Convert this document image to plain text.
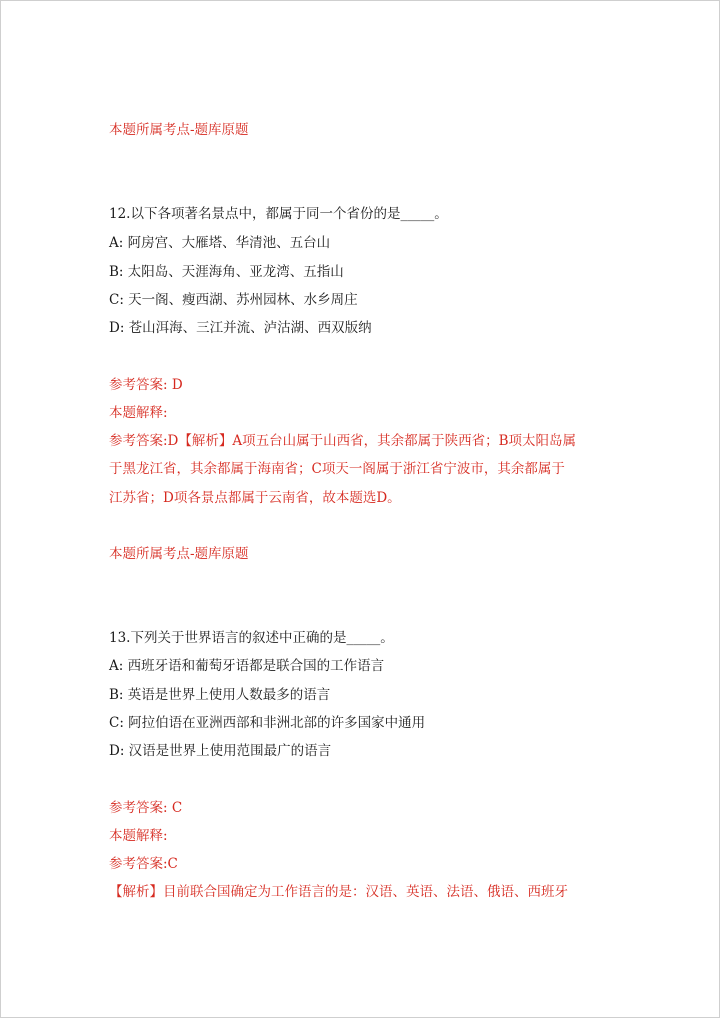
本题所属考点-题库原题
12.以下各项著名景点中，都属于同一个省份的是_____。
A: 阿房宫、大雁塔、华清池、五台山
B: 太阳岛、天涯海角、亚龙湾、五指山
C: 天一阁、瘦西湖、苏州园林、水乡周庄
D: 苍山洱海、三江并流、泸沽湖、西双版纳
参考答案: D
本题解释:
参考答案:D【解析】A项五台山属于山西省，其余都属于陕西省；B项太阳岛属
于黑龙江省，其余都属于海南省；C项天一阁属于浙江省宁波市，其余都属于
江苏省；D项各景点都属于云南省，故本题选D。
本题所属考点-题库原题
13.下列关于世界语言的叙述中正确的是_____。
A: 西班牙语和葡萄牙语都是联合国的工作语言
B: 英语是世界上使用人数最多的语言
C: 阿拉伯语在亚洲西部和非洲北部的许多国家中通用
D: 汉语是世界上使用范围最广的语言
参考答案: C
本题解释:
参考答案:C
【解析】目前联合国确定为工作语言的是：汉语、英语、法语、俄语、西班牙
